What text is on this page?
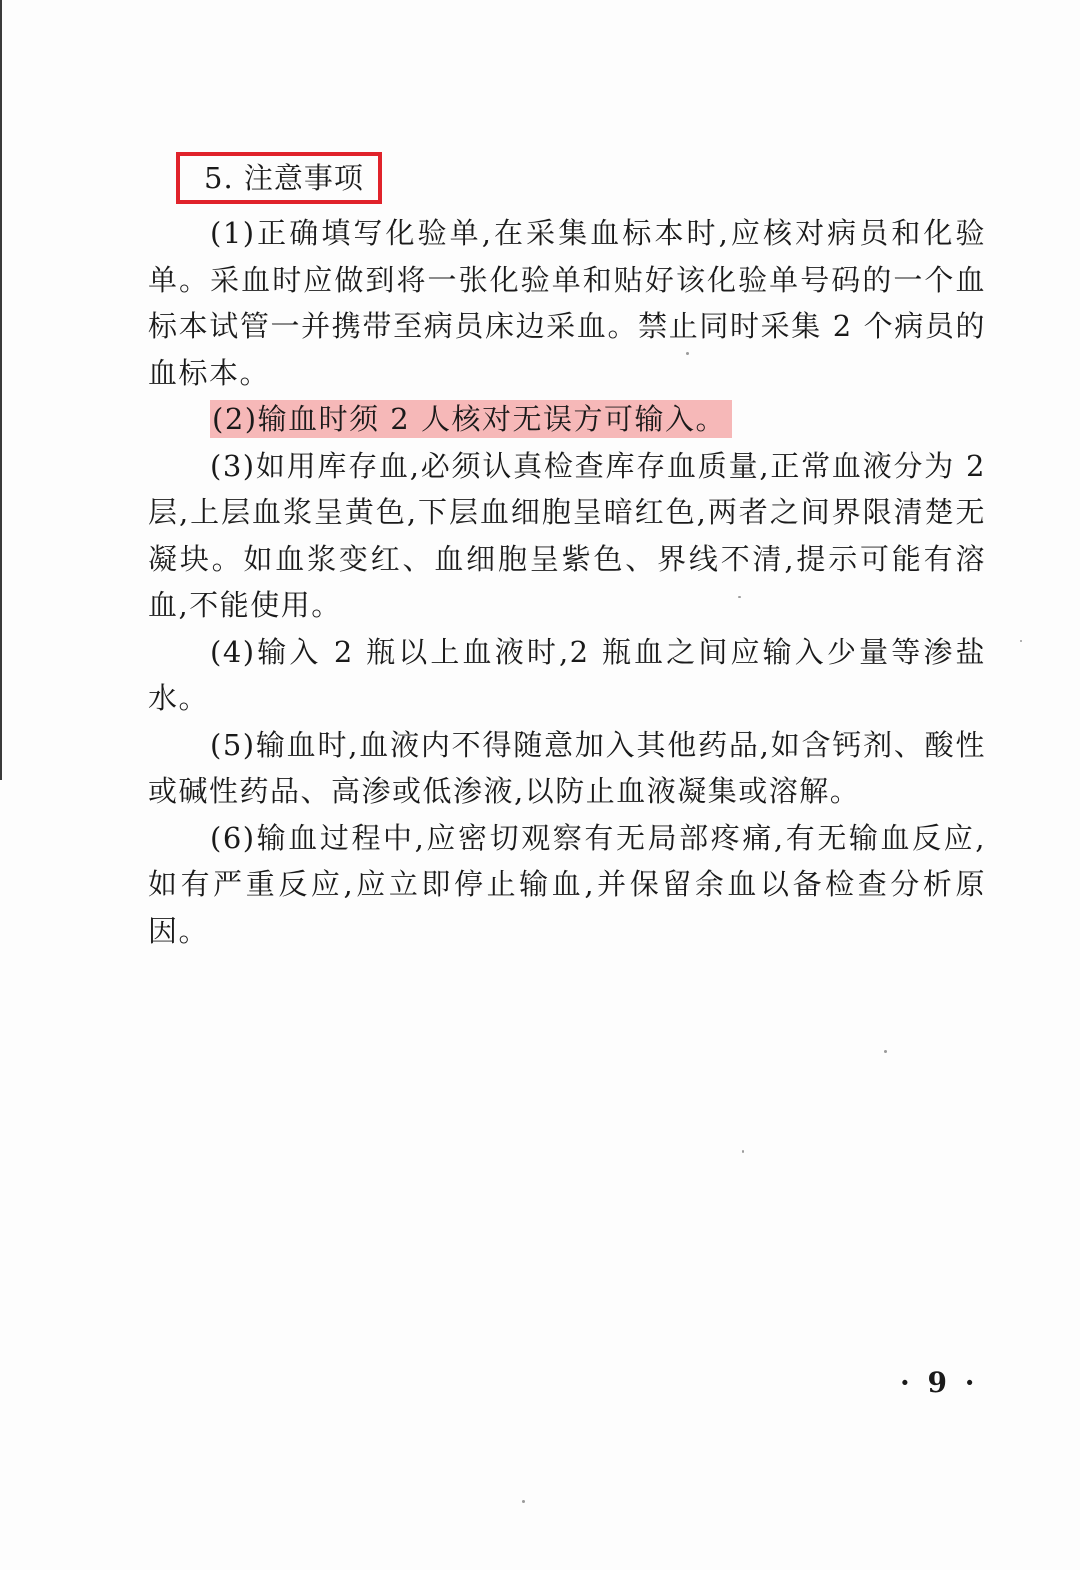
5. 注意事项

(1)正确填写化验单,在采集血标本时,应核对病员和化验单。采血时应做到将一张化验单和贴好该化验单号码的一个血标本试管一并携带至病员床边采血。禁止同时采集 2 个病员的血标本。

(2)输血时须 2 人核对无误方可输入。

(3)如用库存血,必须认真检查库存血质量,正常血液分为 2 层,上层血浆呈黄色,下层血细胞呈暗红色,两者之间界限清楚无凝块。如血浆变红、血细胞呈紫色、界线不清,提示可能有溶血,不能使用。

(4)输入 2 瓶以上血液时,2 瓶血之间应输入少量等渗盐水。

(5)输血时,血液内不得随意加入其他药品,如含钙剂、酸性或碱性药品、高渗或低渗液,以防止血液凝集或溶解。

(6)输血过程中,应密切观察有无局部疼痛,有无输血反应,如有严重反应,应立即停止输血,并保留余血以备检查分析原因。

· 9 ·
